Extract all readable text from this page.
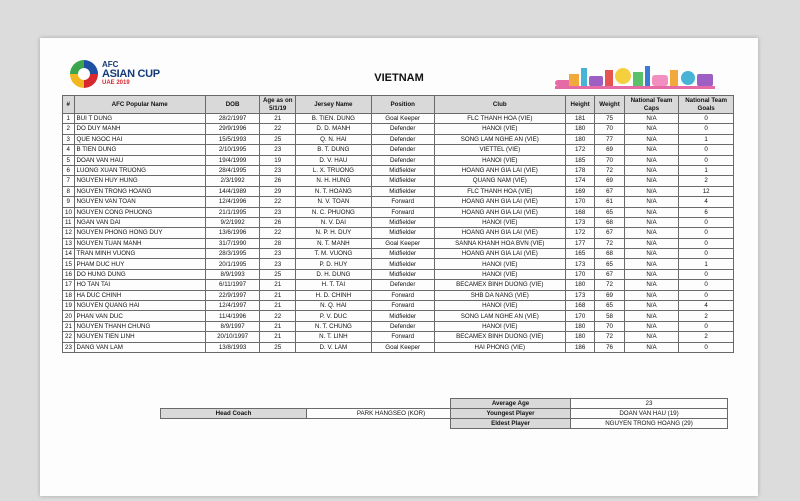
AFC
ASIAN CUP
UAE 2019	VIETNAM
#	AFC Popular Name	DOB	Age as on 5/1/19	Jersey Name	Position	Club	Height	Weight	National Team Caps	National Team Goals
1	BUI T DUNG	28/2/1997	21	B. TIEN. DUNG	Goal Keeper	FLC THANH HOA (VIE)	181	75	N/A	0
2	DO DUY MANH	29/9/1996	22	D. D. MANH	Defender	HANOI (VIE)	180	70	N/A	0
3	QUE NGOC HAI	15/5/1993	25	Q. N. HAI	Defender	SONG LAM NGHE AN (VIE)	180	77	N/A	1
4	B TIEN DUNG	2/10/1995	23	B. T. DUNG	Defender	VIETTEL (VIE)	172	69	N/A	0
5	DOAN VAN HAU	19/4/1999	19	D. V. HAU	Defender	HANOI (VIE)	185	70	N/A	0
6	LUONG XUAN TRUONG	28/4/1995	23	L. X. TRUONG	Midfielder	HOANG ANH GIA LAI (VIE)	178	72	N/A	1
7	NGUYEN HUY HUNG	2/3/1992	26	N. H. HUNG	Midfielder	QUANG NAM (VIE)	174	69	N/A	2
8	NGUYEN TRONG HOANG	14/4/1989	29	N. T. HOANG	Midfielder	FLC THANH HOA (VIE)	169	67	N/A	12
9	NGUYEN VAN TOAN	12/4/1996	22	N. V. TOAN	Forward	HOANG ANH GIA LAI (VIE)	170	61	N/A	4
10	NGUYEN CONG PHUONG	21/1/1995	23	N. C. PHUONG	Forward	HOANG ANH GIA LAI (VIE)	168	65	N/A	6
11	NGAN VAN DAI	9/2/1992	26	N. V. DAI	Midfielder	HANOI (VIE)	173	68	N/A	0
12	NGUYEN PHONG HONG DUY	13/6/1996	22	N. P. H. DUY	Midfielder	HOANG ANH GIA LAI (VIE)	172	67	N/A	0
13	NGUYEN TUAN MANH	31/7/1990	28	N. T. MANH	Goal Keeper	SANNA KHANH HOA BVN (VIE)	177	72	N/A	0
14	TRAN MINH VUONG	28/3/1995	23	T. M. VUONG	Midfielder	HOANG ANH GIA LAI (VIE)	165	68	N/A	0
15	PHAM DUC HUY	20/1/1995	23	P. D. HUY	Midfielder	HANOI (VIE)	173	65	N/A	1
16	DO HUNG DUNG	8/9/1993	25	D. H. DUNG	Midfielder	HANOI (VIE)	170	67	N/A	0
17	HO TAN TAI	6/11/1997	21	H. T. TAI	Defender	BECAMEX BINH DUONG (VIE)	180	72	N/A	0
18	HA DUC CHINH	22/9/1997	21	H. D. CHINH	Forward	SHB DA NANG (VIE)	173	69	N/A	0
19	NGUYEN QUANG HAI	12/4/1997	21	N. Q. HAI	Forward	HANOI (VIE)	168	65	N/A	4
20	PHAN VAN DUC	11/4/1996	22	P. V. DUC	Midfielder	SONG LAM NGHE AN (VIE)	170	58	N/A	2
21	NGUYEN THANH CHUNG	8/9/1997	21	N. T. CHUNG	Defender	HANOI (VIE)	180	70	N/A	0
22	NGUYEN TIEN LINH	20/10/1997	21	N. T. LINH	Forward	BECAMEX BINH DUONG (VIE)	180	72	N/A	2
23	DANG VAN LAM	13/8/1993	25	D. V. LAM	Goal Keeper	HAI PHONG (VIE)	186	76	N/A	0
Head Coach	PARK HANGSEO (KOR)
Average Age	23
Youngest Player	DOAN VAN HAU (19)
Eldest Player	NGUYEN TRONG HOANG (29)
